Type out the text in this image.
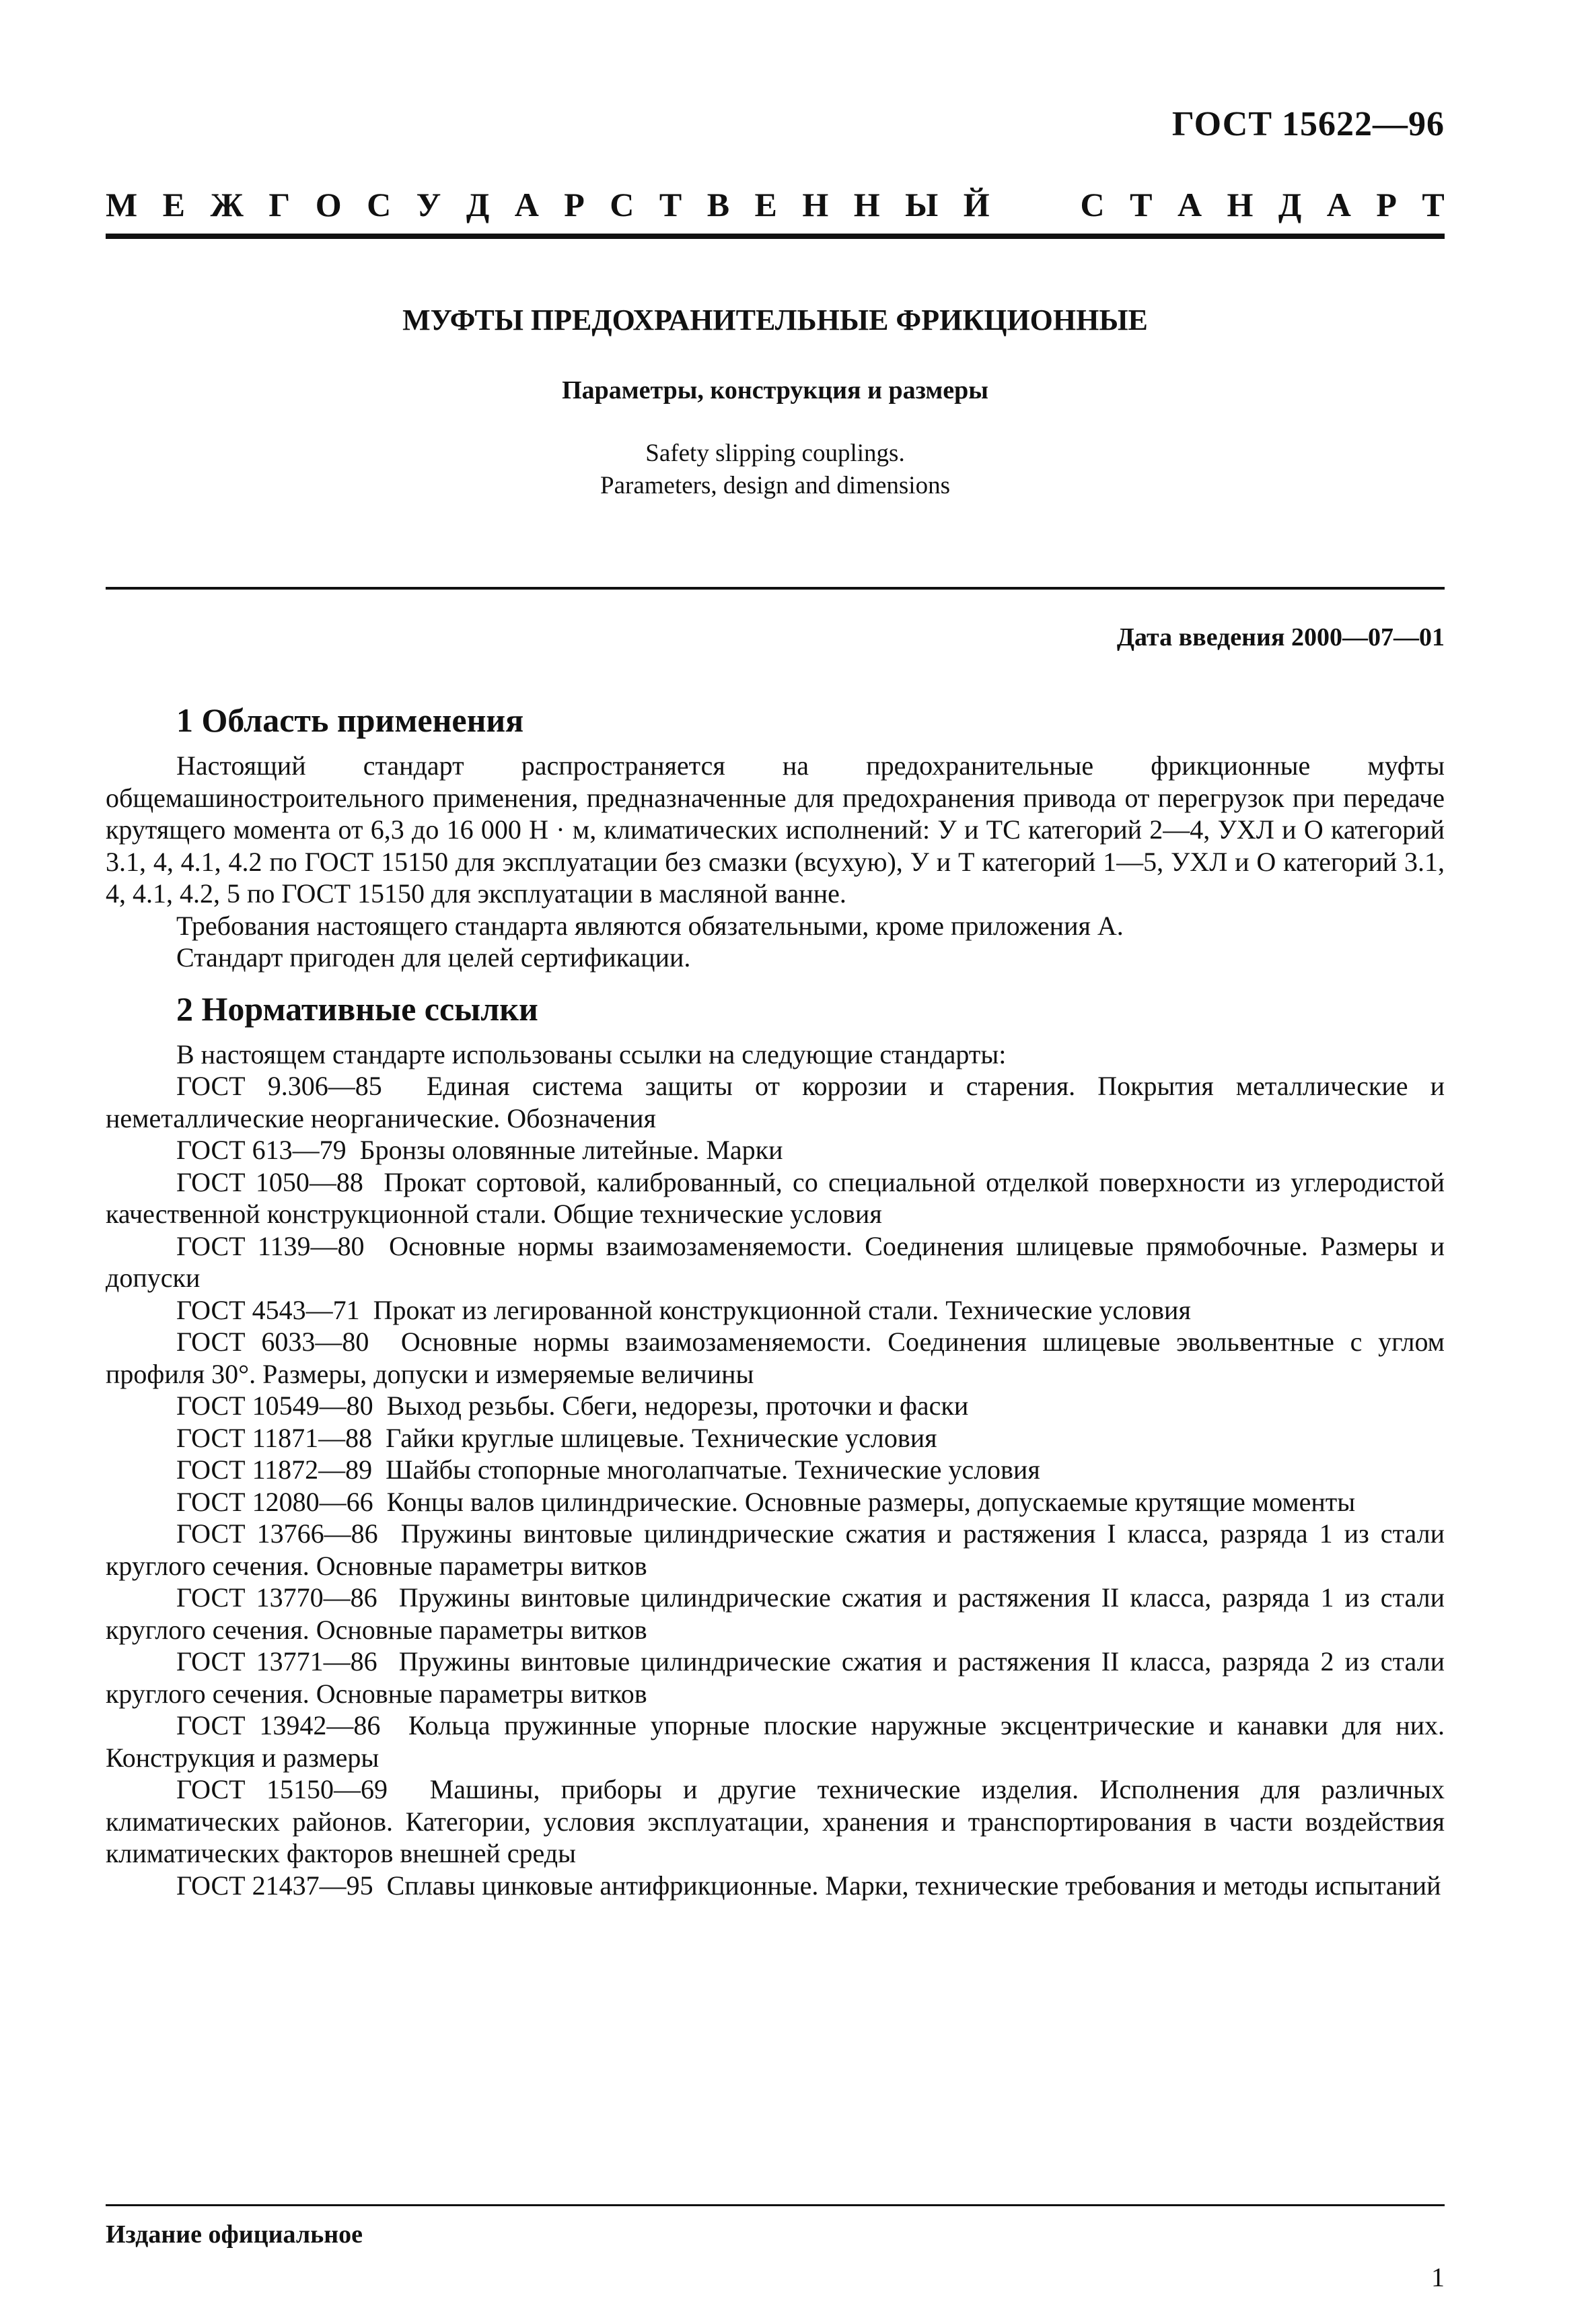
ГОСТ 15622—96
М Е Ж Г О С У Д А Р С Т В Е Н Н Ы Й	С Т А Н Д А Р Т
МУФТЫ ПРЕДОХРАНИТЕЛЬНЫЕ ФРИКЦИОННЫЕ
Параметры, конструкция и размеры
Safety slipping couplings.
Parameters, design and dimensions
Дата введения 2000—07—01
1 Область применения

Настоящий стандарт распространяется на предохранительные фрикционные муфты общемашиностроительного применения, предназначенные для предохранения привода от перегрузок при передаче крутящего момента от 6,3 до 16 000 Н · м, климатических исполнений: У и ТС категорий 2—4, УХЛ и О категорий 3.1, 4, 4.1, 4.2 по ГОСТ 15150 для эксплуатации без смазки (всухую), У и Т категорий 1—5, УХЛ и О категорий 3.1, 4, 4.1, 4.2, 5 по ГОСТ 15150 для эксплуатации в масляной ванне.

Требования настоящего стандарта являются обязательными, кроме приложения А.

Стандарт пригоден для целей сертификации.

2 Нормативные ссылки

В настоящем стандарте использованы ссылки на следующие стандарты:

ГОСТ 9.306—85 Единая система защиты от коррозии и старения. Покрытия металлические и неметаллические неорганические. Обозначения

ГОСТ 613—79 Бронзы оловянные литейные. Марки

ГОСТ 1050—88 Прокат сортовой, калиброванный, со специальной отделкой поверхности из углеродистой качественной конструкционной стали. Общие технические условия

ГОСТ 1139—80 Основные нормы взаимозаменяемости. Соединения шлицевые прямобочные. Размеры и допуски

ГОСТ 4543—71 Прокат из легированной конструкционной стали. Технические условия

ГОСТ 6033—80 Основные нормы взаимозаменяемости. Соединения шлицевые эвольвентные с углом профиля 30°. Размеры, допуски и измеряемые величины

ГОСТ 10549—80 Выход резьбы. Сбеги, недорезы, проточки и фаски

ГОСТ 11871—88 Гайки круглые шлицевые. Технические условия

ГОСТ 11872—89 Шайбы стопорные многолапчатые. Технические условия

ГОСТ 12080—66 Концы валов цилиндрические. Основные размеры, допускаемые крутящие моменты

ГОСТ 13766—86 Пружины винтовые цилиндрические сжатия и растяжения I класса, разряда 1 из стали круглого сечения. Основные параметры витков

ГОСТ 13770—86 Пружины винтовые цилиндрические сжатия и растяжения II класса, разряда 1 из стали круглого сечения. Основные параметры витков

ГОСТ 13771—86 Пружины винтовые цилиндрические сжатия и растяжения II класса, разряда 2 из стали круглого сечения. Основные параметры витков

ГОСТ 13942—86 Кольца пружинные упорные плоские наружные эксцентрические и канавки для них. Конструкция и размеры

ГОСТ 15150—69 Машины, приборы и другие технические изделия. Исполнения для различных климатических районов. Категории, условия эксплуатации, хранения и транспортирования в части воздействия климатических факторов внешней среды

ГОСТ 21437—95 Сплавы цинковые антифрикционные. Марки, технические требования и методы испытаний

Издание официальное
1
